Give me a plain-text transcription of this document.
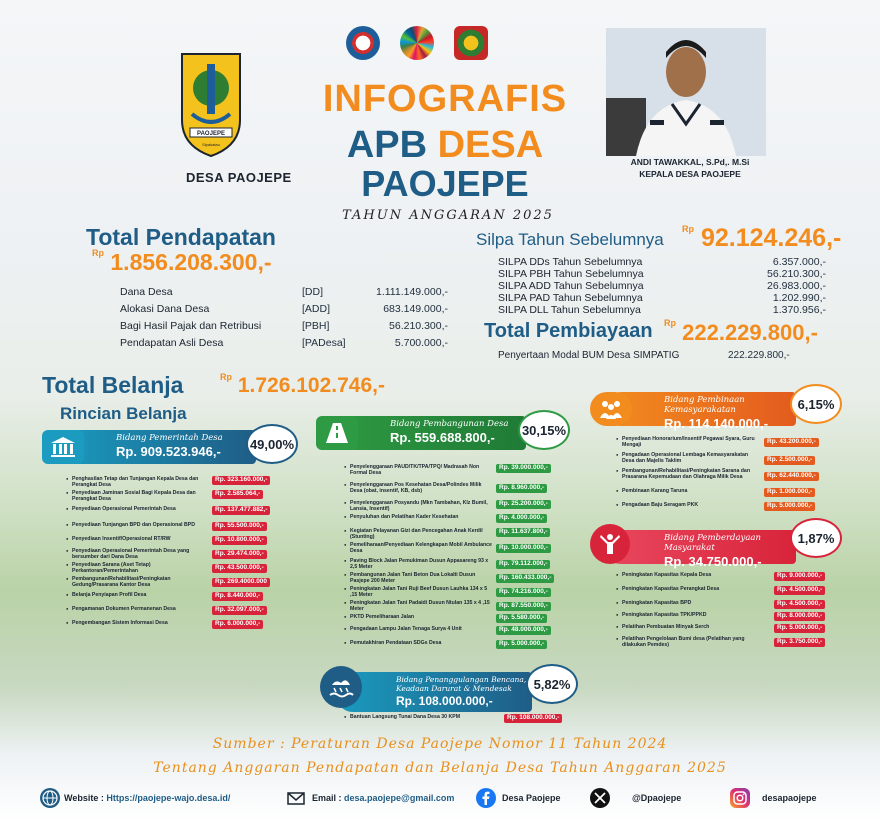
PAOJEPE
Sipakatau
DESA PAOJEPE
INFOGRAFIS
APB DESA
PAOJEPE
TAHUN ANGGARAN 2025
ANDI TAWAKKAL, S.Pd,. M.Si
KEPALA DESA PAOJEPE
Total Pendapatan
$^{Rp}$ 1.856.208.300,-
Dana Desa	[DD]	1.111.149.000,-
Alokasi Dana Desa	[ADD]	683.149.000,-
Bagi Hasil Pajak dan Retribusi	[PBH]	56.210.300,-
Pendapatan Asli Desa	[PADesa]	5.700.000,-
Silpa Tahun Sebelumnya
$^{Rp}$ 92.124.246,-
SILPA DDs Tahun Sebelumnya	6.357.000,-
SILPA PBH Tahun Sebelumnya	56.210.300,-
SILPA ADD Tahun Sebelumnya	26.983.000,-
SILPA PAD Tahun Sebelumnya	1.202.990,-
SILPA DLL Tahun Sebelumnya	1.370.956,-
Total Pembiayaan $^{Rp}$ 222.229.800,-
Penyertaan Modal BUM Desa SIMPATIG	222.229.800,-
Total Belanja	$^{Rp}$ 1.726.102.746,-
Rincian Belanja
Bidang Pemerintah Desa
Rp. 909.523.946,-	49,00%
● Penghasilan Tetap dan Tunjangan Kepala Desa dan Perangkat Desa
Rp. 323.160.000,-
● Penyediaan Jaminan Sosial Bagi Kepala Desa dan Perangkat Desa
Rp. 2.585.064,-
● Penyediaan Operasional Pemerintah Desa	Rp. 137.477.882,-
● Penyediaan Tunjangan BPD dan Operasional BPD	Rp. 55.500.000,-
● Penyediaan Insentif/Operasional RT/RW	Rp. 10.800.000,-
● Penyediaan Operasional Pemerintah Desa yang bersumber dari Dana Desa	Rp. 29.474.000,-
● Penyediaan Sarana (Aset Tetap) Perkantoran/Pemerintahan	Rp. 43.500.000,-
● Pembangunan/Rehabilitasi/Peningkatan Gedung/Prasarana Kantor Desa	Rp. 269.4000.000
● Belanja Penyiapan Profil Desa	Rp. 8.440.000,-
● Pengamanan Dokumen Permanenan Desa	Rp. 32.097.000,-
● Pengembangan Sistem Informasi Desa	Rp. 6.000.000,-
Bidang Pembangunan Desa
Rp. 559.688.800,-	30,15%
● Penyelenggaraan PAUD/TK/TPA/TPQ/ Madrasah Non Formal Desa
Rp. 39.000.000,-
● Penyelenggaraan Pos Kesehatan Desa/Polindes Milik Desa (obat, insentif, KB, dsb)	Rp. 8.960.000,-
● Penyelenggaraan Posyandu (Mkn Tambahan, Klz Bumil, Lansia, Insentif)
Rp. 25.200.000,-
● Penyuluhan dan Pelatihan Kader Kesehatan	Rp. 4.000.000,-
● Kegiatan Pelayanan Gizi dan Pencegahan Anak Kerdil (Stunting)
Rp. 11.637.800,-
● Pemeliharaan/Penyediaan Kelengkapan Mobil Ambulance Desa	Rp. 10.000.000,-
● Paving Block Jalan Pemukiman Dusun Appasareng 93 x 2,5 Meter	Rp. 79.112.000,-
● Pembangunan Jalan Tani Beton Dua Lokalti Dusun Pasjepe 200 Meter	Rp. 160.433.000,-
● Peningkatan Jalan Tani Ruji Beef Dusun Lauhka 134 x 5 ,15 Meter	Rp. 74.216.000,-
● Peningkatan Jalan Tani Padaidi Dusun Ntulan 135 x 4 ,15 Meter	Rp. 87.550.000,-
● PKTD Pemeliharaan Jalan	Rp. 5.580.000,-
● Pengadaan Lampu Jalan Tenaga Surya 4 Unit	Rp. 48.000.000,-
● Pemutakhiran Pendataan SDGs Desa	Rp. 5.000.000,-
Bidang Pembinaan Kemasyarakatan
Rp. 114.140.000,-
6,15%
● Penyediaan Honorarium/Insentif Pegawai Syara, Guru Mengaji	Rp. 43.200.000,-
● Pengadaan Operasional Lembaga Kemasyarakatan Desa dan Majelis Taklim	Rp. 2.500.000,-
● Pembangunan/Rehabilitasi/Peningkatan Sarana dan Prasarana Kepemudaan dan Olahraga Milik Desa	Rp. 62.440.000,-
● Pembinaan Karang Taruna	Rp. 1.000.000,-
● Pengadaan Baju Seragam PKK	Rp. 5.000.000,-
Bidang Pemberdayaan Masyarakat
Rp. 34.750.000,-
1,87%
● Peningkatan Kapasitas Kepala Desa	Rp. 9.000.000,-
● Peningkatan Kapasitas Perangkat Desa	Rp. 4.500.000,-
● Peningkatan Kapasitas BPD	Rp. 4.500.000,-
● Peningkatan Kapasitas TPK/PPKD	Rp. 8.000.000,-
● Pelatihan Pembuatan Minyak Serch	Rp. 5.000.000,-
● Pelatihan Pengelolaan Bumi desa (Pelatihan yang dilakukan Pemdes)	Rp. 3.750.000,-
Bidang Penanggulangan Bencana,
Keadaan Darurat & Mendesak
Rp. 108.000.000,-
5,82%
● Bantuan Langsung Tunai Dana Desa 30 KPM	Rp. 108.000.000,-
Sumber : Peraturan Desa Paojepe Nomor 11 Tahun 2024
Tentang Anggaran Pendapatan dan Belanja Desa Tahun Anggaran 2025
Website : Https://paojepe-wajo.desa.id/	Email : desa.paojepe@gmail.com	Desa Paojepe	@Dpaojepe	desapaojepe
